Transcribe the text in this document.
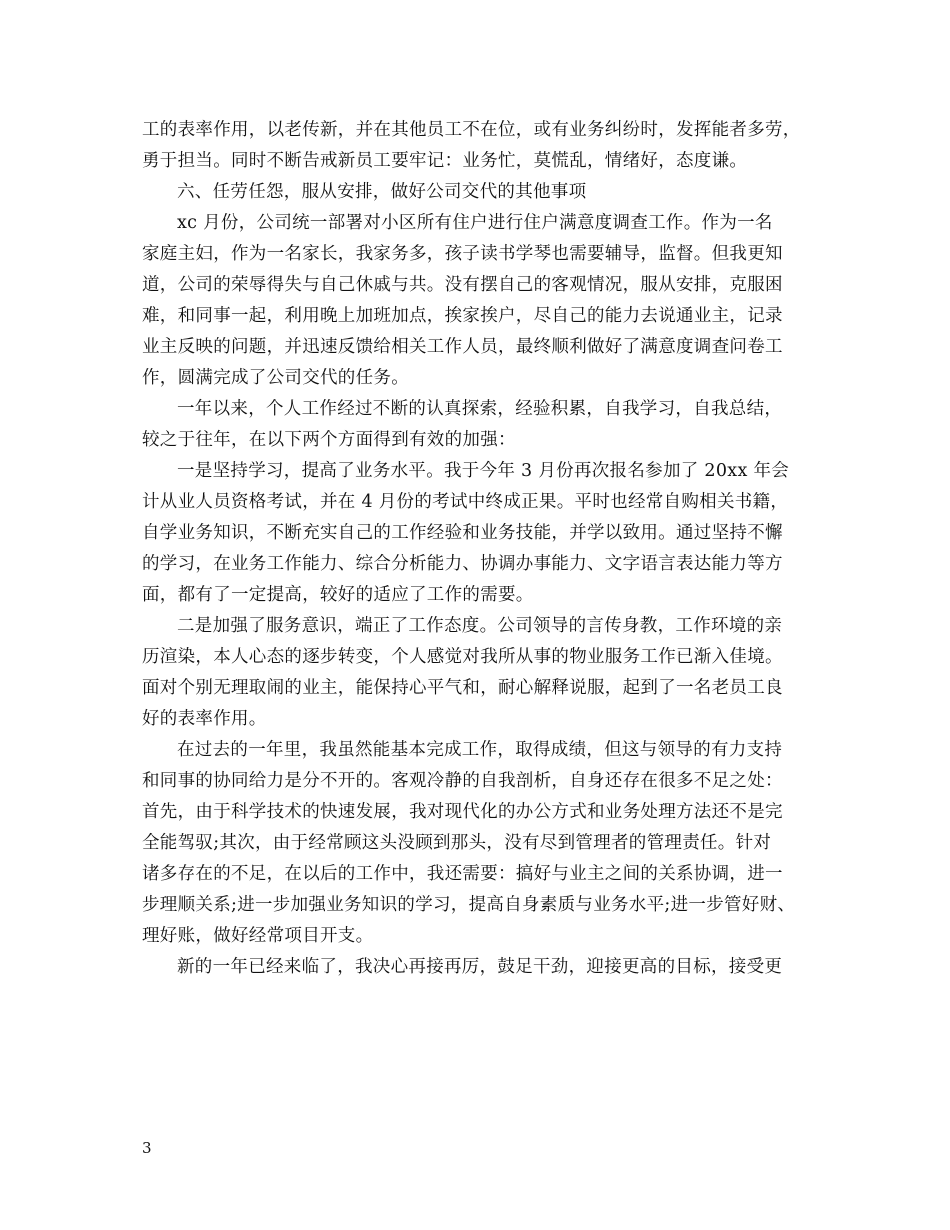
工的表率作用，以老传新，并在其他员工不在位，或有业务纠纷时，发挥能者多劳，
勇于担当。同时不断告戒新员工要牢记：业务忙，莫慌乱，情绪好，态度谦。
六、任劳任怨，服从安排，做好公司交代的其他事项
xc 月份，公司统一部署对小区所有住户进行住户满意度调查工作。作为一名
家庭主妇，作为一名家长，我家务多，孩子读书学琴也需要辅导，监督。但我更知
道，公司的荣辱得失与自己休戚与共。没有摆自己的客观情况，服从安排，克服困
难，和同事一起，利用晚上加班加点，挨家挨户，尽自己的能力去说通业主，记录
业主反映的问题，并迅速反馈给相关工作人员，最终顺利做好了满意度调查问卷工
作，圆满完成了公司交代的任务。
一年以来，个人工作经过不断的认真探索，经验积累，自我学习，自我总结，
较之于往年，在以下两个方面得到有效的加强：
一是坚持学习，提高了业务水平。我于今年 3 月份再次报名参加了 20xx 年会
计从业人员资格考试，并在 4 月份的考试中终成正果。平时也经常自购相关书籍，
自学业务知识，不断充实自己的工作经验和业务技能，并学以致用。通过坚持不懈
的学习，在业务工作能力、综合分析能力、协调办事能力、文字语言表达能力等方
面，都有了一定提高，较好的适应了工作的需要。
二是加强了服务意识，端正了工作态度。公司领导的言传身教，工作环境的亲
历渲染，本人心态的逐步转变，个人感觉对我所从事的物业服务工作已渐入佳境。
面对个别无理取闹的业主，能保持心平气和，耐心解释说服，起到了一名老员工良
好的表率作用。
在过去的一年里，我虽然能基本完成工作，取得成绩，但这与领导的有力支持
和同事的协同给力是分不开的。客观冷静的自我剖析，自身还存在很多不足之处：
首先，由于科学技术的快速发展，我对现代化的办公方式和业务处理方法还不是完
全能驾驭;其次，由于经常顾这头没顾到那头，没有尽到管理者的管理责任。针对
诸多存在的不足，在以后的工作中，我还需要：搞好与业主之间的关系协调，进一
步理顺关系;进一步加强业务知识的学习，提高自身素质与业务水平;进一步管好财、
理好账，做好经常项目开支。
新的一年已经来临了，我决心再接再厉，鼓足干劲，迎接更高的目标，接受更
3
